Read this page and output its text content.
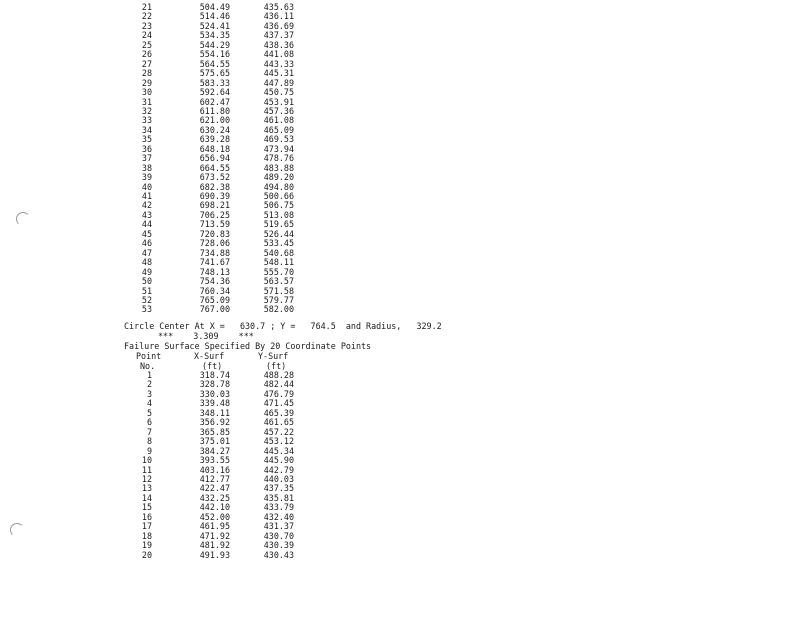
21	504.49	435.63
22	514.46	436.11
23	524.41	436.69
24	534.35	437.37
25	544.29	438.36
26	554.16	441.08
27	564.55	443.33
28	575.65	445.31
29	583.33	447.89
30	592.64	450.75
31	602.47	453.91
32	611.80	457.36
33	621.00	461.08
34	630.24	465.09
35	639.28	469.53
36	648.18	473.94
37	656.94	478.76
38	664.55	483.88
39	673.52	489.20
40	682.38	494.80
41	690.39	500.66
42	698.21	506.75
43	706.25	513.08
44	713.59	519.65
45	720.83	526.44
46	728.06	533.45
47	734.88	540.68
48	741.67	548.11
49	748.13	555.70
50	754.36	563.57
51	760.34	571.58
52	765.09	579.77
53	767.00	582.00
Circle Center At X =   630.7 ; Y =   764.5  and Radius,   329.2
***    3.309    ***
Failure Surface Specified By 20 Coordinate Points
Point	X-Surf	Y-Surf
No.	(ft)	(ft)
1	318.74	488.28
2	328.78	482.44
3	330.03	476.79
4	339.48	471.45
5	348.11	465.39
6	356.92	461.65
7	365.85	457.22
8	375.01	453.12
9	384.27	445.34
10	393.55	445.90
11	403.16	442.79
12	412.77	440.03
13	422.47	437.35
14	432.25	435.81
15	442.10	433.79
16	452.00	432.40
17	461.95	431.37
18	471.92	430.70
19	481.92	430.39
20	491.93	430.43
